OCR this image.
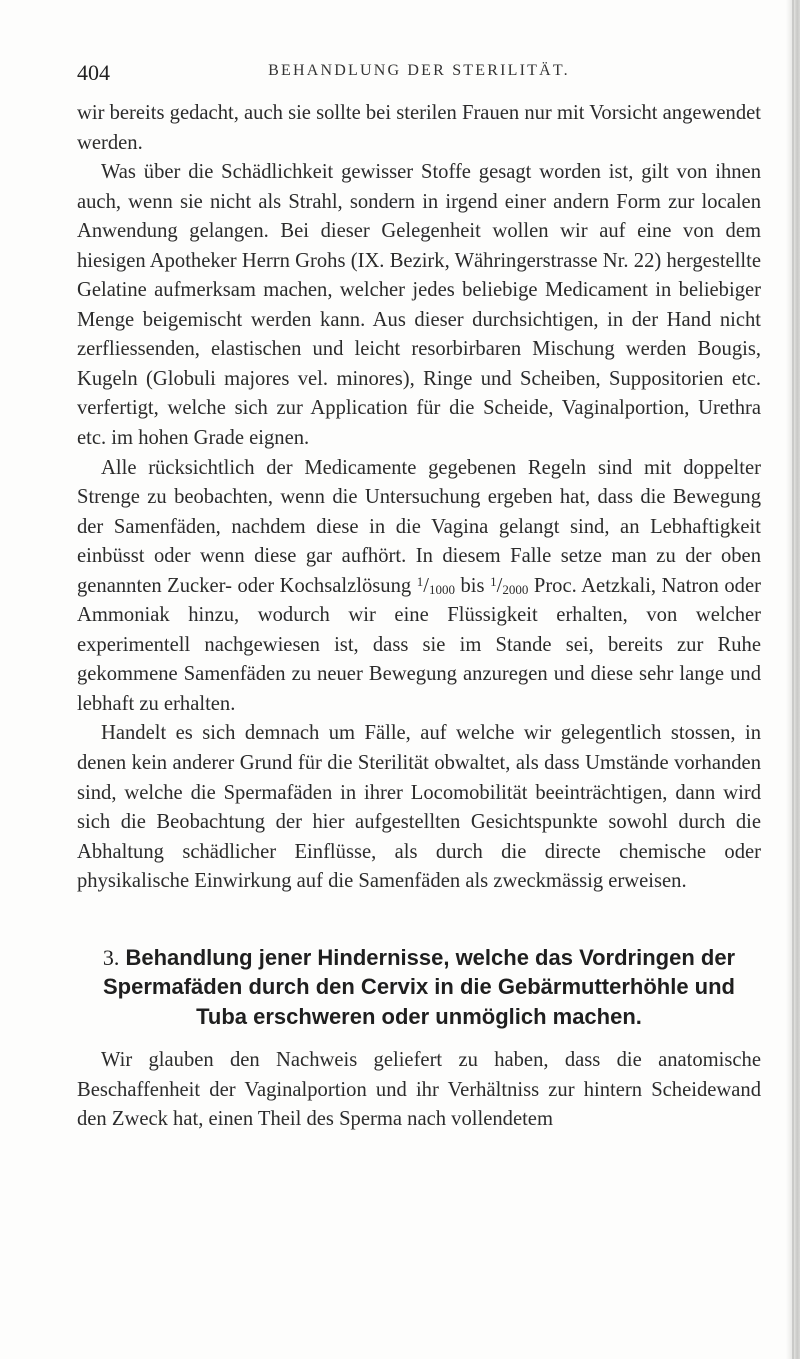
404	BEHANDLUNG DER STERILITÄT.

wir bereits gedacht, auch sie sollte bei sterilen Frauen nur mit Vorsicht angewendet werden.

Was über die Schädlichkeit gewisser Stoffe gesagt worden ist, gilt von ihnen auch, wenn sie nicht als Strahl, sondern in irgend einer andern Form zur localen Anwendung gelangen. Bei dieser Gelegenheit wollen wir auf eine von dem hiesigen Apotheker Herrn Grohs (IX. Bezirk, Währingerstrasse Nr. 22) hergestellte Gelatine aufmerksam machen, welcher jedes beliebige Medicament in beliebiger Menge beigemischt werden kann. Aus dieser durchsichtigen, in der Hand nicht zerfliessenden, elastischen und leicht resorbirbaren Mischung werden Bougis, Kugeln (Globuli majores vel. minores), Ringe und Scheiben, Suppositorien etc. verfertigt, welche sich zur Application für die Scheide, Vaginalportion, Urethra etc. im hohen Grade eignen.

Alle rücksichtlich der Medicamente gegebenen Regeln sind mit doppelter Strenge zu beobachten, wenn die Untersuchung ergeben hat, dass die Bewegung der Samenfäden, nachdem diese in die Vagina gelangt sind, an Lebhaftigkeit einbüsst oder wenn diese gar aufhört. In diesem Falle setze man zu der oben genannten Zucker- oder Kochsalzlösung $^1/_{1000}$ bis $^1/_{2000}$ Proc. Aetzkali, Natron oder Ammoniak hinzu, wodurch wir eine Flüssigkeit erhalten, von welcher experimentell nachgewiesen ist, dass sie im Stande sei, bereits zur Ruhe gekommene Samenfäden zu neuer Bewegung anzuregen und diese sehr lange und lebhaft zu erhalten.

Handelt es sich demnach um Fälle, auf welche wir gelegentlich stossen, in denen kein anderer Grund für die Sterilität obwaltet, als dass Umstände vorhanden sind, welche die Spermafäden in ihrer Locomobilität beeinträchtigen, dann wird sich die Beobachtung der hier aufgestellten Gesichtspunkte sowohl durch die Abhaltung schädlicher Einflüsse, als durch die directe chemische oder physikalische Einwirkung auf die Samenfäden als zweckmässig erweisen.

3. Behandlung jener Hindernisse, welche das Vordringen der Spermafäden durch den Cervix in die Gebärmutterhöhle und Tuba erschweren oder unmöglich machen.

Wir glauben den Nachweis geliefert zu haben, dass die anatomische Beschaffenheit der Vaginalportion und ihr Verhältniss zur hintern Scheidewand den Zweck hat, einen Theil des Sperma nach vollendetem
